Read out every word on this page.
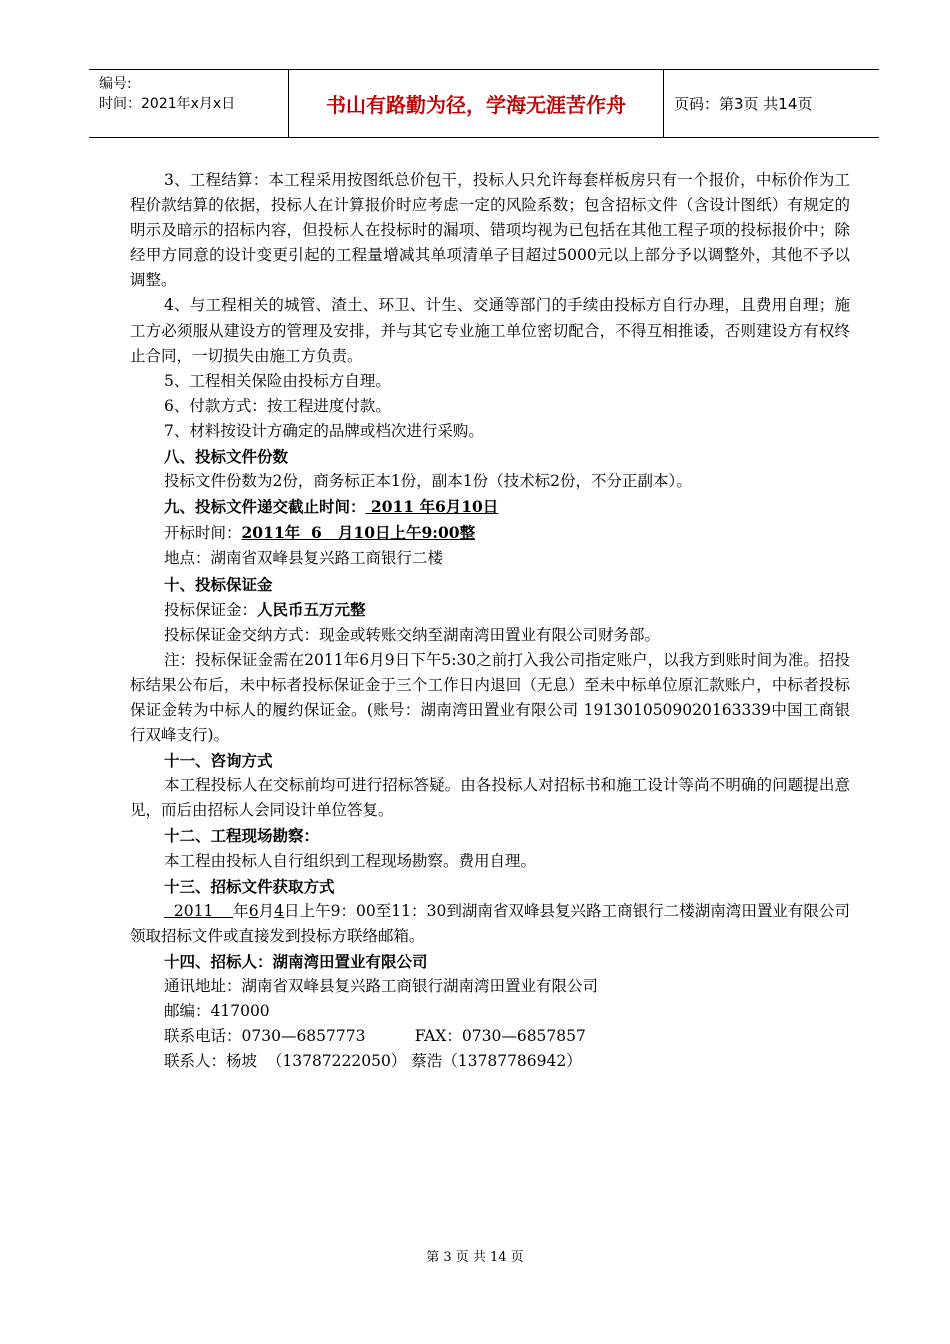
编号:
时间：2021年x月x日	书山有路勤为径，学海无涯苦作舟	页码：第3页 共14页

3、工程结算：本工程采用按图纸总价包干，投标人只允许每套样板房只有一个报价，中标价作为工程价款结算的依据，投标人在计算报价时应考虑一定的风险系数；包含招标文件（含设计图纸）有规定的明示及暗示的招标内容，但投标人在投标时的漏项、错项均视为已包括在其他工程子项的投标报价中；除经甲方同意的设计变更引起的工程量增减其单项清单子目超过5000元以上部分予以调整外，其他不予以调整。

4、与工程相关的城管、渣土、环卫、计生、交通等部门的手续由投标方自行办理，且费用自理；施工方必须服从建设方的管理及安排，并与其它专业施工单位密切配合，不得互相推诿，否则建设方有权终止合同，一切损失由施工方负责。

5、工程相关保险由投标方自理。

6、付款方式：按工程进度付款。

7、材料按设计方确定的品牌或档次进行采购。

八、投标文件份数

投标文件份数为2份，商务标正本1份，副本1份（技术标2份，不分正副本）。

九、投标文件递交截止时间： 2011 年6月10日

开标时间：2011年  6   月10日上午9:00整

地点：湖南省双峰县复兴路工商银行二楼

十、投标保证金

投标保证金：人民币五万元整

投标保证金交纳方式：现金或转账交纳至湖南湾田置业有限公司财务部。

注：投标保证金需在2011年6月9日下午5:30之前打入我公司指定账户，以我方到账时间为准。招投标结果公布后，未中标者投标保证金于三个工作日内退回（无息）至未中标单位原汇款账户，中标者投标保证金转为中标人的履约保证金。(账号：湖南湾田置业有限公司 1913010509020163339中国工商银行双峰支行)。

十一、咨询方式

本工程投标人在交标前均可进行招标答疑。由各投标人对招标书和施工设计等尚不明确的问题提出意见，而后由招标人会同设计单位答复。

十二、工程现场勘察：

本工程由投标人自行组织到工程现场勘察。费用自理。

十三、招标文件获取方式

2011    年6月4日上午9：00至11：30到湖南省双峰县复兴路工商银行二楼湖南湾田置业有限公司领取招标文件或直接发到投标方联络邮箱。

十四、招标人：湖南湾田置业有限公司

通讯地址：湖南省双峰县复兴路工商银行湖南湾田置业有限公司

邮编：417000

联系电话：0730—6857773          FAX：0730—6857857

联系人：杨坡  （13787222050） 蔡浩（13787786942）

第 3 页 共 14 页
